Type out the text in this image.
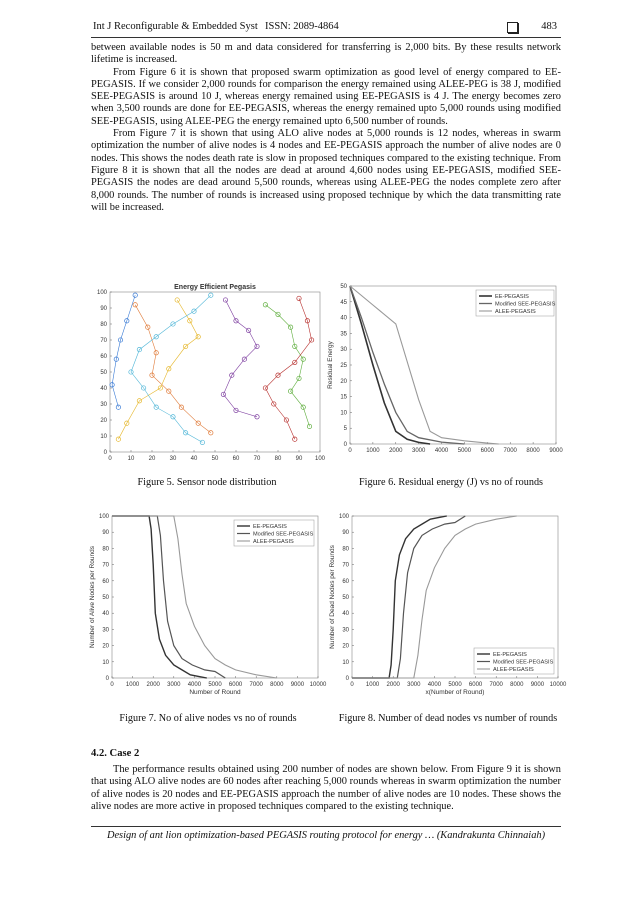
Int J Reconfigurable & Embedded Syst ISSN: 2089-4864	483

between available nodes is 50 m and data considered for transferring is 2,000 bits. By these results network lifetime is increased.

From Figure 6 it is shown that proposed swarm optimization as good level of energy compared to EE-PEGASIS. If we consider 2,000 rounds for comparison the energy remained using ALEE-PEG is 38 J, modified SEE-PEGASIS is around 10 J, whereas energy remained using EE-PEGASIS is 4 J. The energy becomes zero when 3,500 rounds are done for EE-PEGASIS, whereas the energy remained upto 5,000 rounds using modified SEE-PEGASIS, using ALEE-PEG the energy remained upto 6,500 number of rounds.

From Figure 7 it is shown that using ALO alive nodes at 5,000 rounds is 12 nodes, whereas in swarm optimization the number of alive nodes is 4 nodes and EE-PEGASIS approach the number of alive nodes are 0 nodes. This shows the nodes death rate is slow in proposed techniques compared to the existing technique. From Figure 8 it is shown that all the nodes are dead at around 4,600 nodes using EE-PEGASIS, modified SEE-PEGASIS the nodes are dead around 5,500 rounds, whereas using ALEE-PEG the nodes complete zero after 8,000 rounds. The number of rounds is increased using proposed technique by which the data transmitting rate will be increased.

Energy Efficient Pegasis
0	10 20 30 40 50 60 70 80 90 100
0
10
20
30
40
50
60
70
80
90
100
0 1000 2000 3000 4000 5000 6000 7000 8000 9000
0
5
10
15
20
25
30
35
40
45
50
Residual Energy
EE-PEGASIS
Modified SEE-PEGASIS
ALEE-PEGASIS
Figure 5. Sensor node distribution	Figure 6. Residual energy (J) vs no of rounds
0 1000 2000 3000 4000 5000 6000 7000 8000 9000 10000
0
10
20
30
40
50
60
70
80
90
100
Number of Round
Number of Alive Nodes per Rounds
EE-PEGASIS
Modified SEE-PEGASIS
ALEE-PEGASIS
0 1000 2000 3000 4000 5000 6000 7000 8000 9000 10000
0
10
20
30
40
50
60
70
80
90
100
x(Number of Round)
Number of Dead Nodes per Rounds
EE-PEGASIS
Modified SEE-PEGASIS
ALEE-PEGASIS
Figure 7. No of alive nodes vs no of rounds	Figure 8. Number of dead nodes vs number of rounds
4.2. Case 2

The performance results obtained using 200 number of nodes are shown below. From Figure 9 it is shown that using ALO alive nodes are 60 nodes after reaching 5,000 rounds whereas in swarm optimization the number of alive nodes is 20 nodes and EE-PEGASIS approach the number of alive nodes are 10 nodes. These shows the alive nodes are more active in proposed techniques compared to the existing technique.

Design of ant lion optimization-based PEGASIS routing protocol for energy … (Kandrakunta Chinnaiah)
